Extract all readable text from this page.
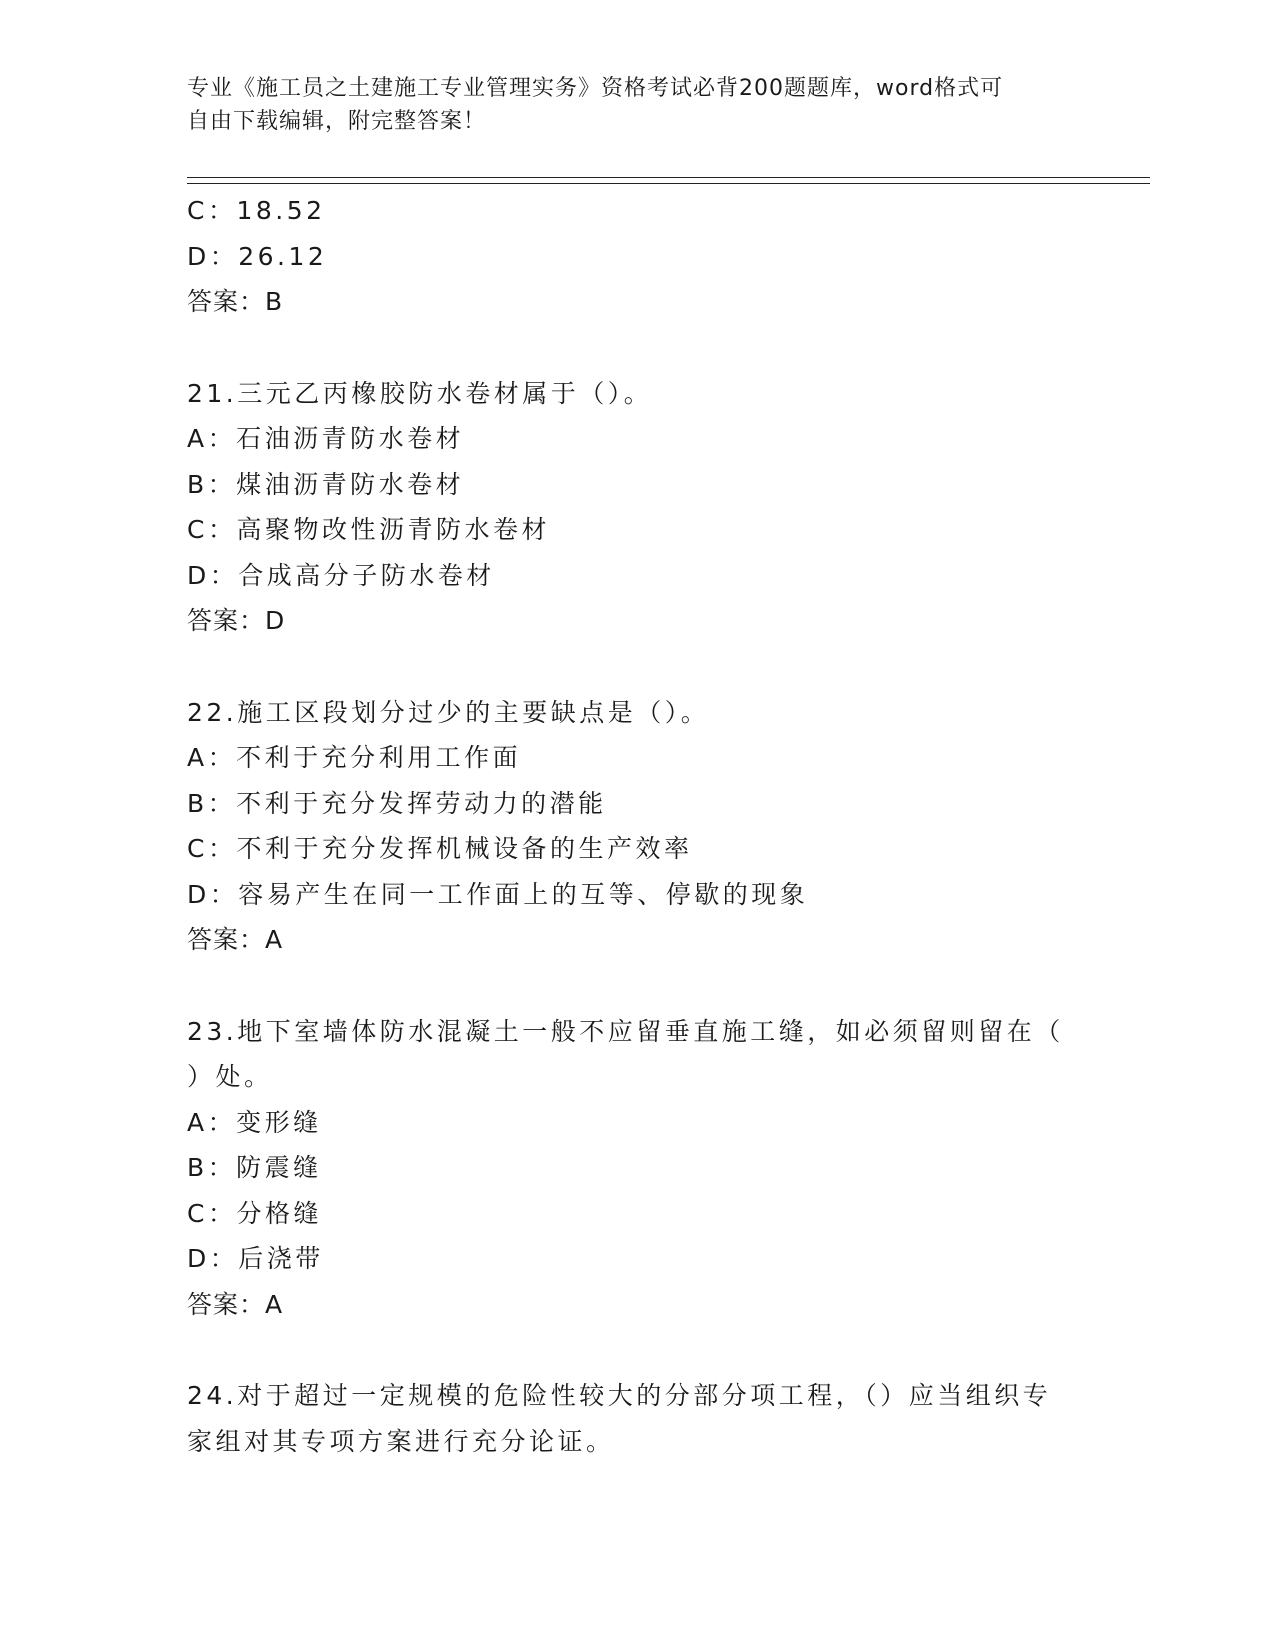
专业《施工员之土建施工专业管理实务》资格考试必背200题题库，word格式可
自由下载编辑，附完整答案！
C：18.52
D：26.12
答案：B
21.三元乙丙橡胶防水卷材属于（）。
A：石油沥青防水卷材
B：煤油沥青防水卷材
C：高聚物改性沥青防水卷材
D：合成高分子防水卷材
答案：D
22.施工区段划分过少的主要缺点是（）。
A：不利于充分利用工作面
B：不利于充分发挥劳动力的潜能
C：不利于充分发挥机械设备的生产效率
D：容易产生在同一工作面上的互等、停歇的现象
答案：A
23.地下室墙体防水混凝土一般不应留垂直施工缝，如必须留则留在（
）处。
A：变形缝
B：防震缝
C：分格缝
D：后浇带
答案：A
24.对于超过一定规模的危险性较大的分部分项工程，（）应当组织专
家组对其专项方案进行充分论证。
